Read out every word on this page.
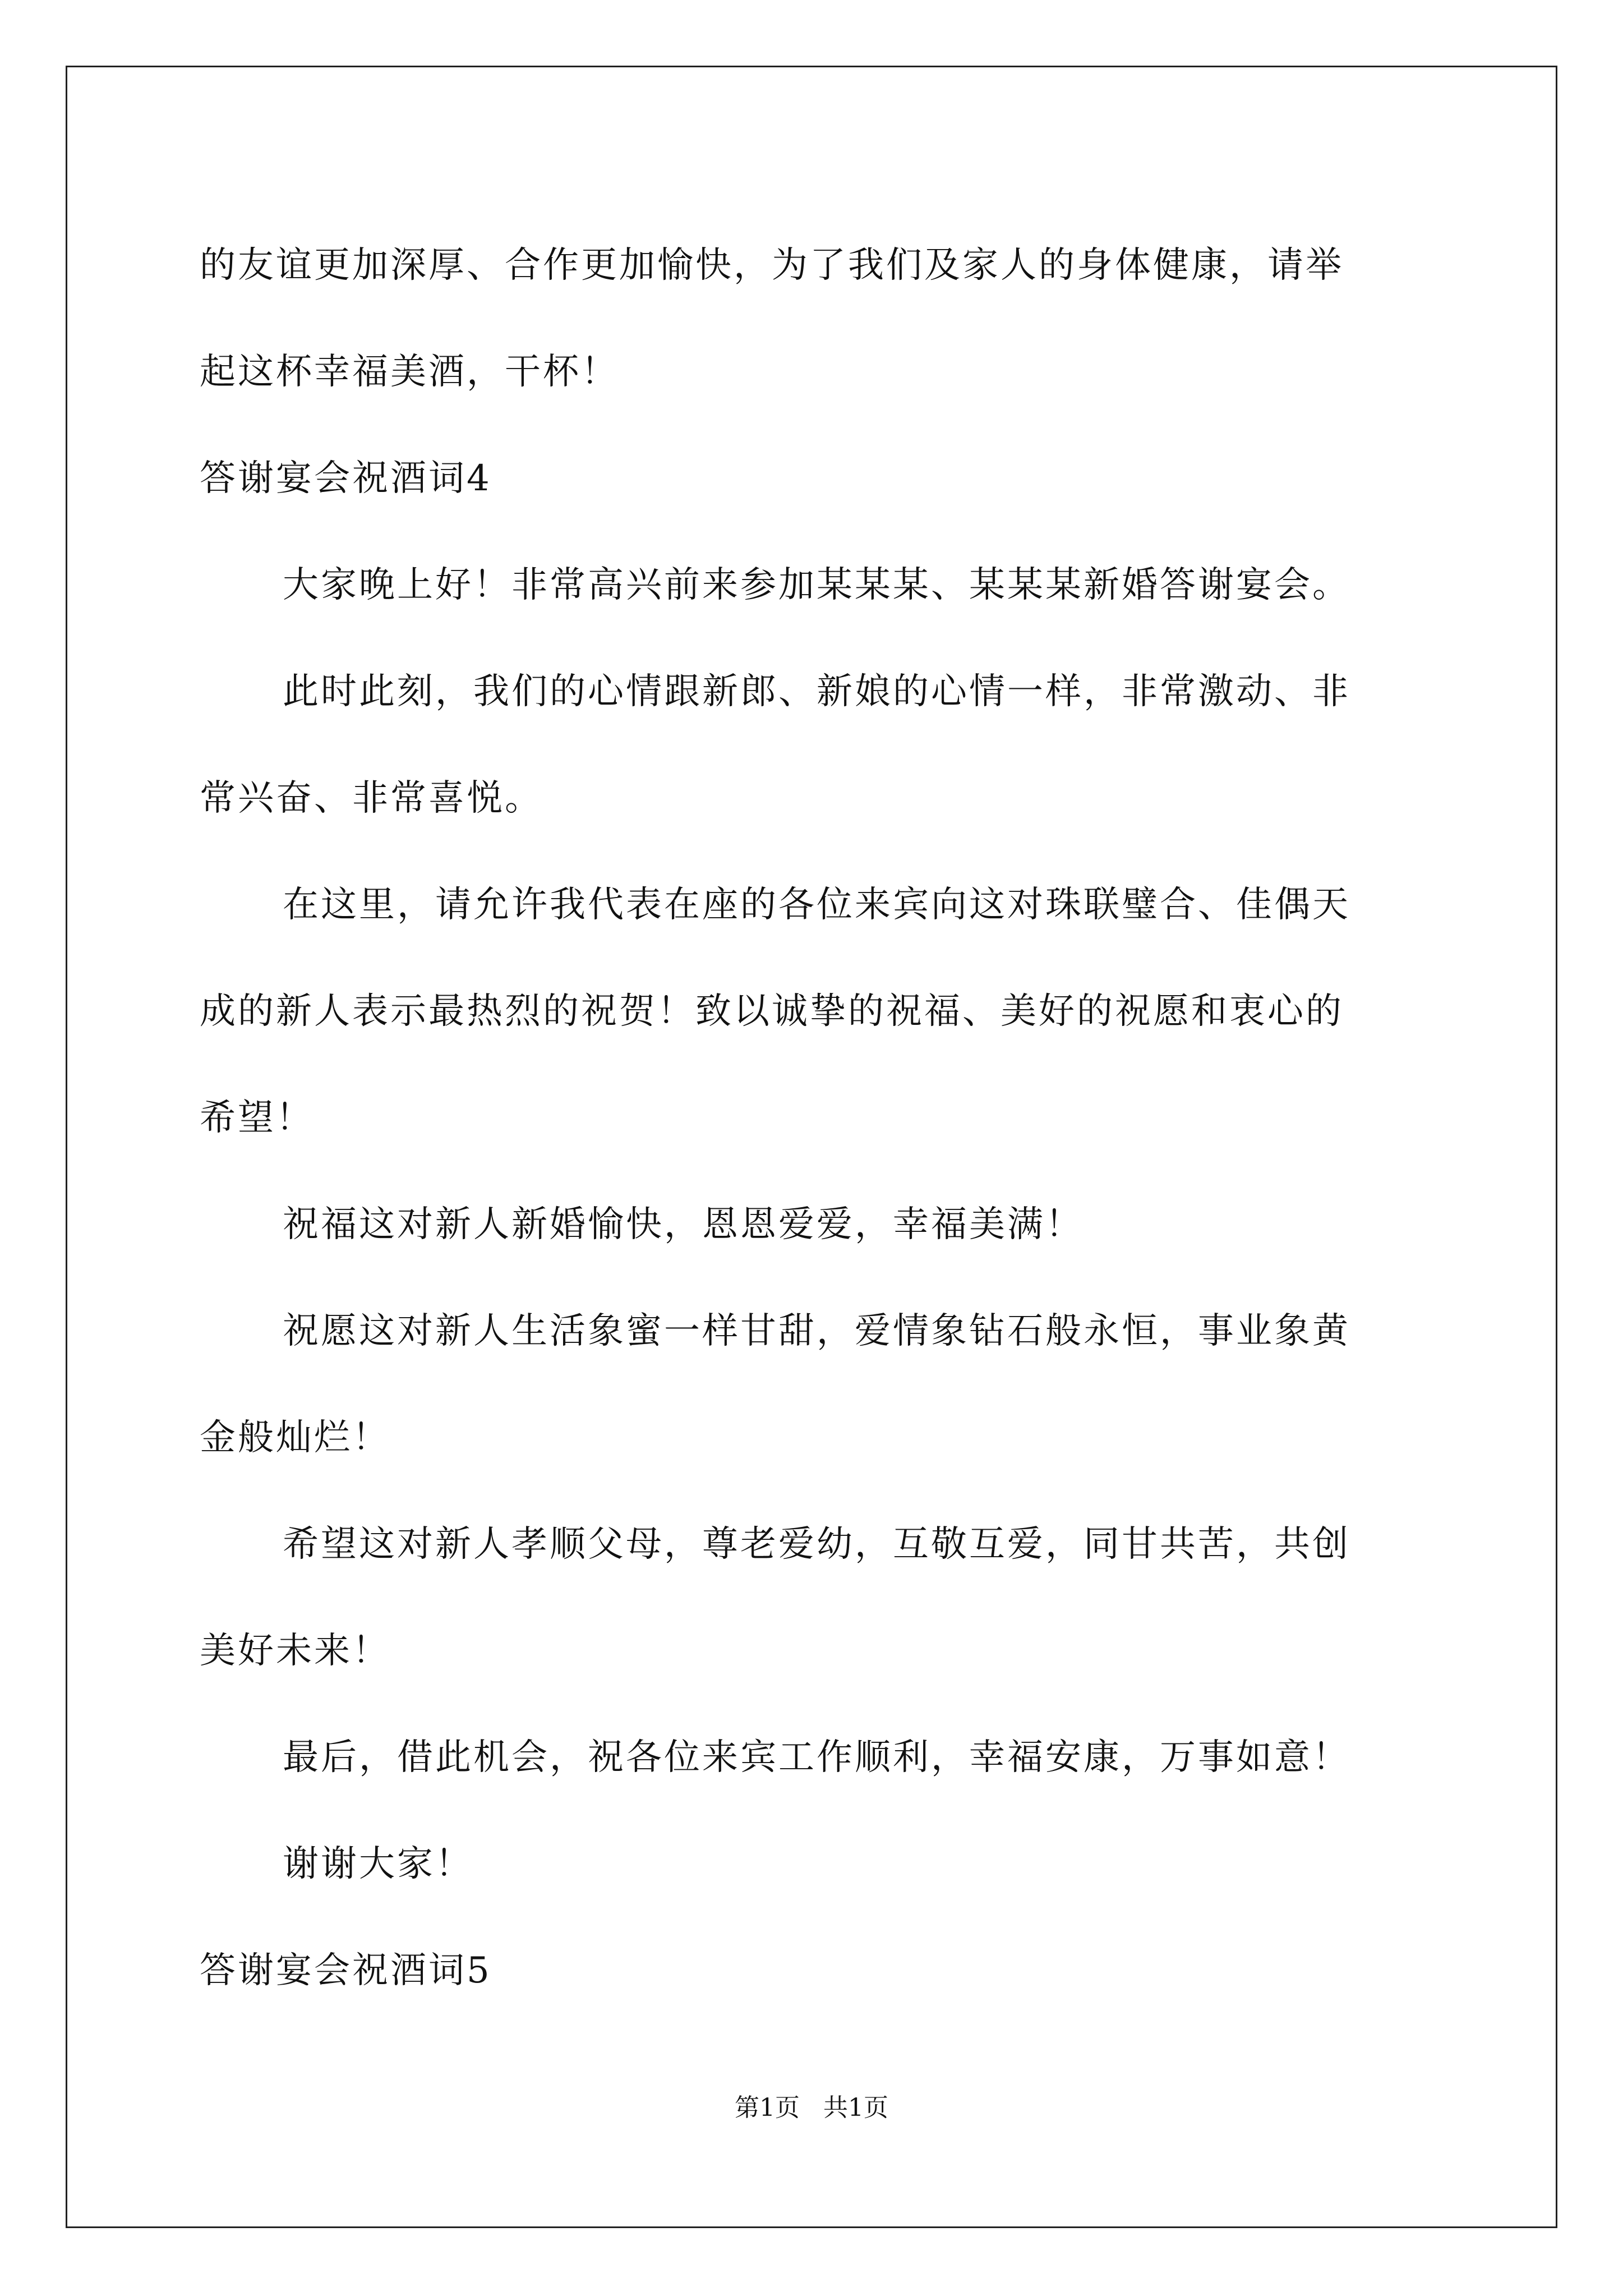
的友谊更加深厚、合作更加愉快，为了我们及家人的身体健康，请举
起这杯幸福美酒，干杯！
答谢宴会祝酒词4
大家晚上好！非常高兴前来参加某某某、某某某新婚答谢宴会。
此时此刻，我们的心情跟新郎、新娘的心情一样，非常激动、非
常兴奋、非常喜悦。
在这里，请允许我代表在座的各位来宾向这对珠联璧合、佳偶天
成的新人表示最热烈的祝贺！致以诚挚的祝福、美好的祝愿和衷心的
希望！
祝福这对新人新婚愉快，恩恩爱爱，幸福美满！
祝愿这对新人生活象蜜一样甘甜，爱情象钻石般永恒，事业象黄
金般灿烂！
希望这对新人孝顺父母，尊老爱幼，互敬互爱，同甘共苦，共创
美好未来！
最后，借此机会，祝各位来宾工作顺利，幸福安康，万事如意！
谢谢大家！
答谢宴会祝酒词5
第1页   共1页
